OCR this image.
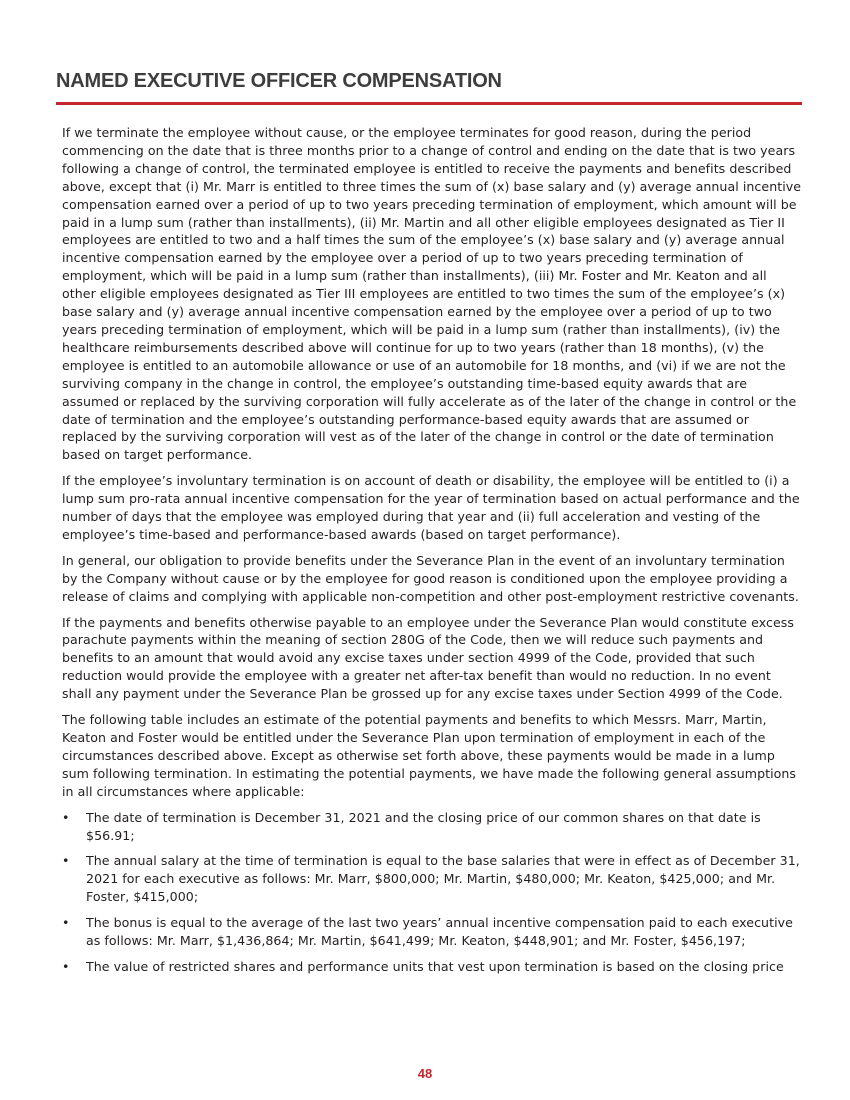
NAMED EXECUTIVE OFFICER COMPENSATION

If we terminate the employee without cause, or the employee terminates for good reason, during the period commencing on the date that is three months prior to a change of control and ending on the date that is two years following a change of control, the terminated employee is entitled to receive the payments and benefits described above, except that (i) Mr. Marr is entitled to three times the sum of (x) base salary and (y) average annual incentive compensation earned over a period of up to two years preceding termination of employment, which amount will be paid in a lump sum (rather than installments), (ii) Mr. Martin and all other eligible employees designated as Tier II employees are entitled to two and a half times the sum of the employee’s (x) base salary and (y) average annual incentive compensation earned by the employee over a period of up to two years preceding termination of employment, which will be paid in a lump sum (rather than installments), (iii) Mr. Foster and Mr. Keaton and all other eligible employees designated as Tier III employees are entitled to two times the sum of the employee’s (x) base salary and (y) average annual incentive compensation earned by the employee over a period of up to two years preceding termination of employment, which will be paid in a lump sum (rather than installments), (iv) the healthcare reimbursements described above will continue for up to two years (rather than 18 months), (v) the employee is entitled to an automobile allowance or use of an automobile for 18 months, and (vi) if we are not the surviving company in the change in control, the employee’s outstanding time-based equity awards that are assumed or replaced by the surviving corporation will fully accelerate as of the later of the change in control or the date of termination and the employee’s outstanding performance-based equity awards that are assumed or replaced by the surviving corporation will vest as of the later of the change in control or the date of termination based on target performance.

If the employee’s involuntary termination is on account of death or disability, the employee will be entitled to (i) a lump sum pro-rata annual incentive compensation for the year of termination based on actual performance and the number of days that the employee was employed during that year and (ii) full acceleration and vesting of the employee’s time-based and performance-based awards (based on target performance).

In general, our obligation to provide benefits under the Severance Plan in the event of an involuntary termination by the Company without cause or by the employee for good reason is conditioned upon the employee providing a release of claims and complying with applicable non-competition and other post-employment restrictive covenants.

If the payments and benefits otherwise payable to an employee under the Severance Plan would constitute excess parachute payments within the meaning of section 280G of the Code, then we will reduce such payments and benefits to an amount that would avoid any excise taxes under section 4999 of the Code, provided that such reduction would provide the employee with a greater net after-tax benefit than would no reduction. In no event shall any payment under the Severance Plan be grossed up for any excise taxes under Section 4999 of the Code.

The following table includes an estimate of the potential payments and benefits to which Messrs. Marr, Martin, Keaton and Foster would be entitled under the Severance Plan upon termination of employment in each of the circumstances described above. Except as otherwise set forth above, these payments would be made in a lump sum following termination. In estimating the potential payments, we have made the following general assumptions in all circumstances where applicable:

• The date of termination is December 31, 2021 and the closing price of our common shares on that date is $56.91;
• The annual salary at the time of termination is equal to the base salaries that were in effect as of December 31, 2021 for each executive as follows: Mr. Marr, $800,000; Mr. Martin, $480,000; Mr. Keaton, $425,000; and Mr. Foster, $415,000;
• The bonus is equal to the average of the last two years’ annual incentive compensation paid to each executive as follows: Mr. Marr, $1,436,864; Mr. Martin, $641,499; Mr. Keaton, $448,901; and Mr. Foster, $456,197;
• The value of restricted shares and performance units that vest upon termination is based on the closing price
48
